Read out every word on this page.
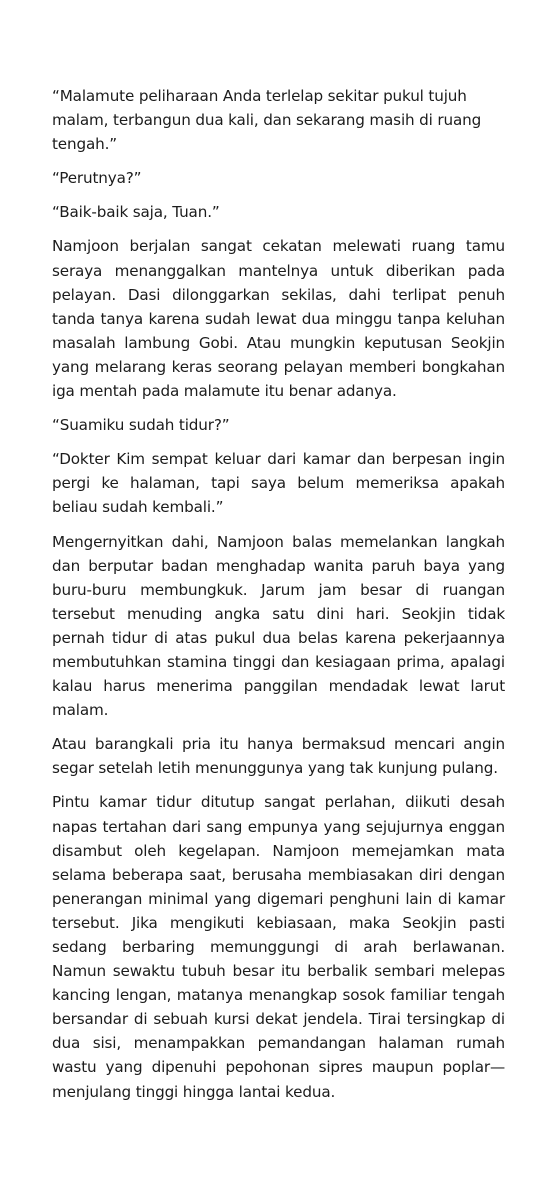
“Malamute peliharaan Anda terlelap sekitar pukul tujuh malam, terbangun dua kali, dan sekarang masih di ruang tengah.”

“Perutnya?”

“Baik-baik saja, Tuan.”

Namjoon berjalan sangat cekatan melewati ruang tamu seraya menanggalkan mantelnya untuk diberikan pada pelayan. Dasi dilonggarkan sekilas, dahi terlipat penuh tanda tanya karena sudah lewat dua minggu tanpa keluhan masalah lambung Gobi. Atau mungkin keputusan Seokjin yang melarang keras seorang pelayan memberi bongkahan iga mentah pada malamute itu benar adanya.

“Suamiku sudah tidur?”

“Dokter Kim sempat keluar dari kamar dan berpesan ingin pergi ke halaman, tapi saya belum memeriksa apakah beliau sudah kembali.”

Mengernyitkan dahi, Namjoon balas memelankan langkah dan berputar badan menghadap wanita paruh baya yang buru-buru membungkuk. Jarum jam besar di ruangan tersebut menuding angka satu dini hari. Seokjin tidak pernah tidur di atas pukul dua belas karena pekerjaannya membutuhkan stamina tinggi dan kesiagaan prima, apalagi kalau harus menerima panggilan mendadak lewat larut malam.

Atau barangkali pria itu hanya bermaksud mencari angin segar setelah letih menunggunya yang tak kunjung pulang.

Pintu kamar tidur ditutup sangat perlahan, diikuti desah napas tertahan dari sang empunya yang sejujurnya enggan disambut oleh kegelapan. Namjoon memejamkan mata selama beberapa saat, berusaha membiasakan diri dengan penerangan minimal yang digemari penghuni lain di kamar tersebut. Jika mengikuti kebiasaan, maka Seokjin pasti sedang berbaring memunggungi di arah berlawanan. Namun sewaktu tubuh besar itu berbalik sembari melepas kancing lengan, matanya menangkap sosok familiar tengah bersandar di sebuah kursi dekat jendela. Tirai tersingkap di dua sisi, menampakkan pemandangan halaman rumah wastu yang dipenuhi pepohonan sipres maupun poplar—menjulang tinggi hingga lantai kedua.
